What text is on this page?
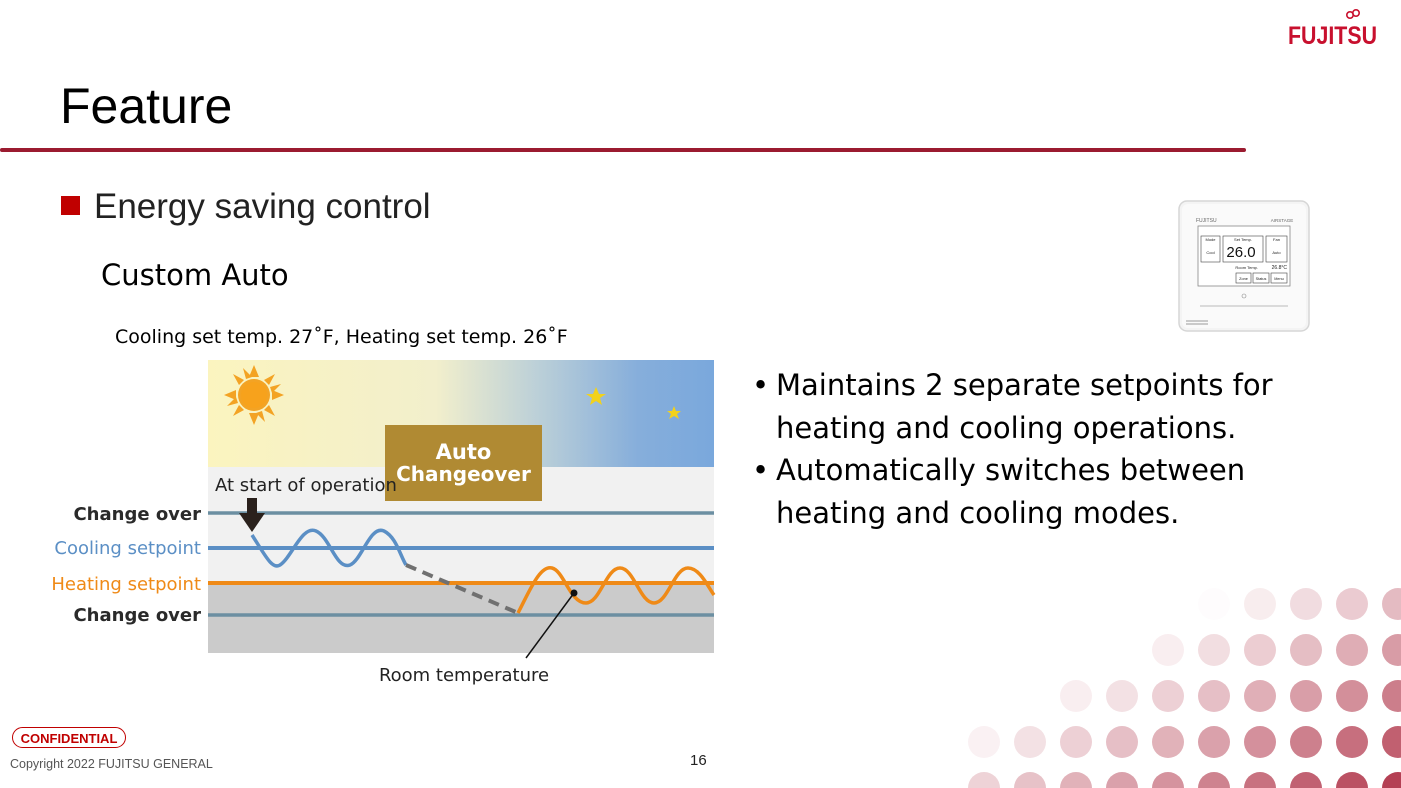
FUJITSU
Feature
Energy saving control
Custom Auto
Cooling set temp. 27˚F, Heating set temp. 26˚F
Auto
Changeover
At start of operation
Change over
Cooling setpoint
Heating setpoint
Change over
Room temperature
FUJITSU	AIRSTAGE
Mode
Cool
Set Temp.
26.0
Fan
Auto
Room Temp.	26.8°C
Zone Status Menu
• Maintains 2 separate setpoints for
heating and cooling operations.
• Automatically switches between
heating and cooling modes.
CONFIDENTIAL
Copyright 2022 FUJITSU GENERAL	16
